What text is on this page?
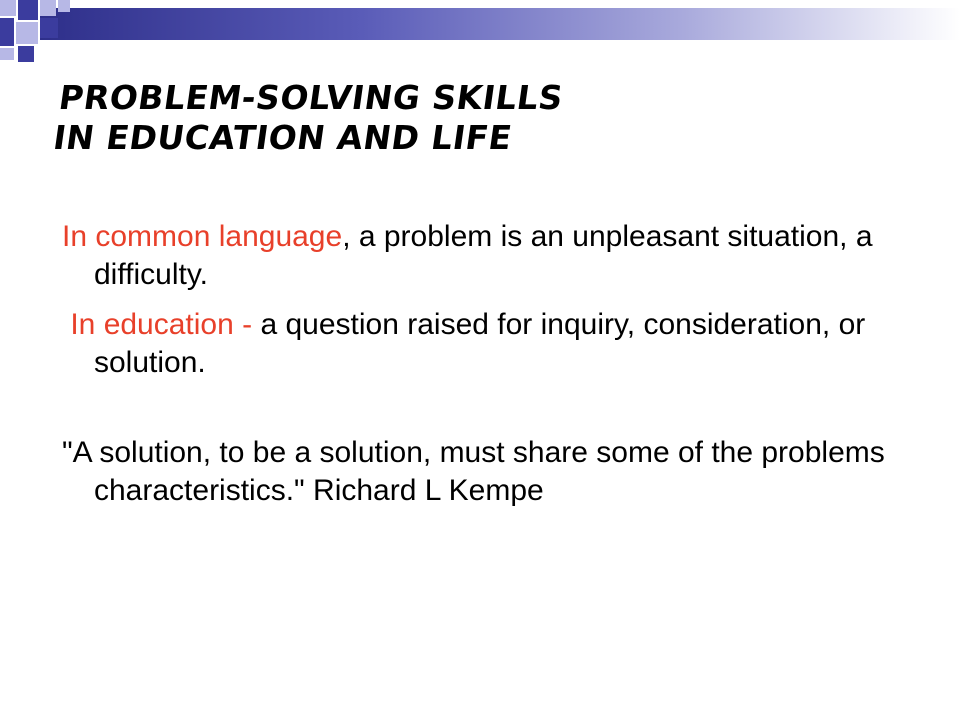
PROBLEM-SOLVING SKILLS
IN EDUCATION AND LIFE

In common language, a problem is an unpleasant situation, a difficulty.

In education - a question raised for inquiry, consideration, or solution.

"A solution, to be a solution, must share some of the problems characteristics." Richard L Kempe
